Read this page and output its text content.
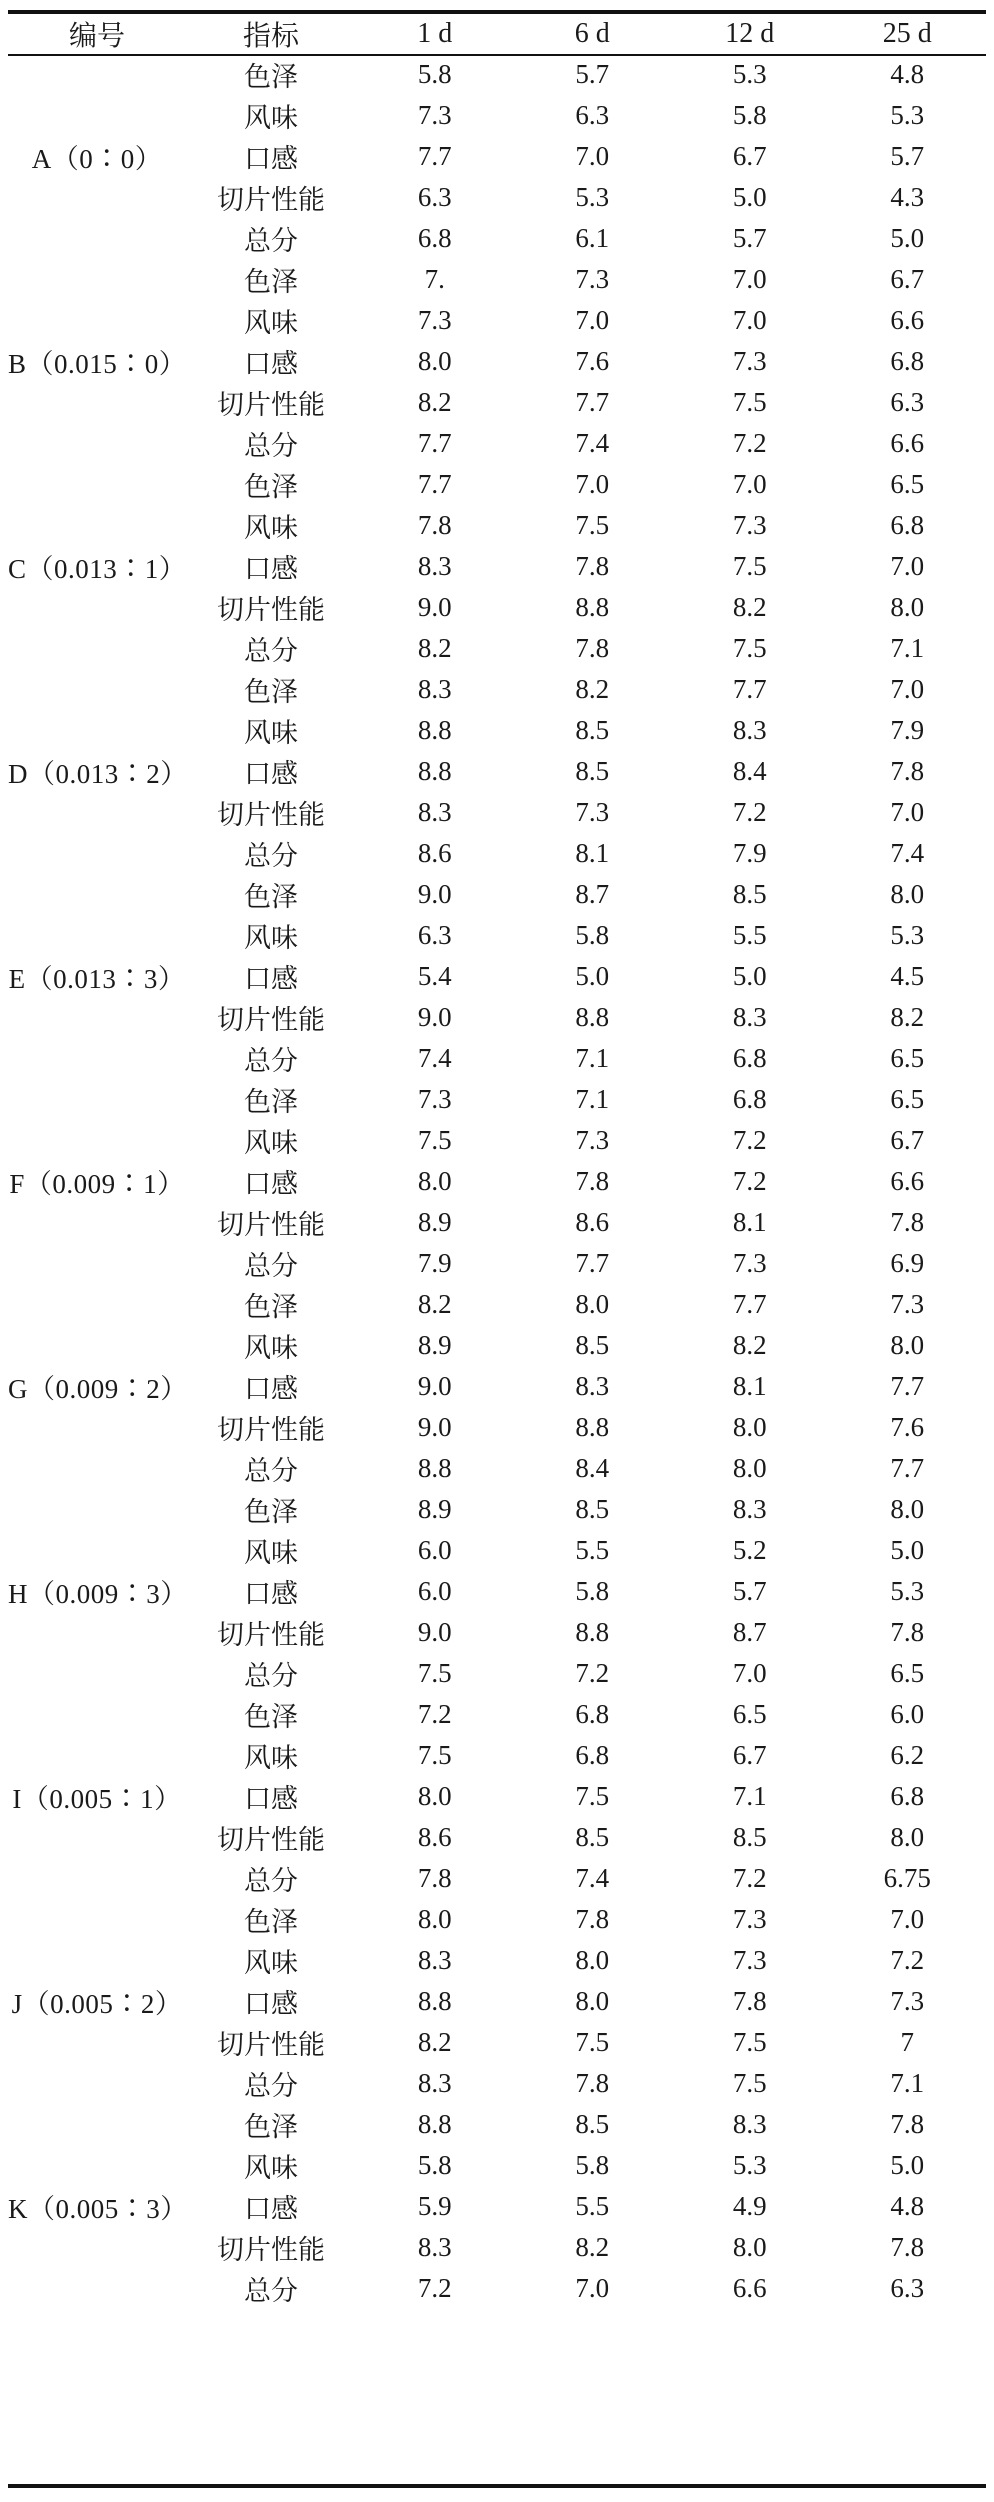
编号	指标	1 d	6 d	12 d	25 d
A（0∶0）	色泽	5.8	5.7	5.3	4.8
	风味	7.3	6.3	5.8	5.3
	口感	7.7	7.0	6.7	5.7
	切片性能	6.3	5.3	5.0	4.3
	总分	6.8	6.1	5.7	5.0
B（0.015∶0）	色泽	7.	7.3	7.0	6.7
	风味	7.3	7.0	7.0	6.6
	口感	8.0	7.6	7.3	6.8
	切片性能	8.2	7.7	7.5	6.3
	总分	7.7	7.4	7.2	6.6
C（0.013∶1）	色泽	7.7	7.0	7.0	6.5
	风味	7.8	7.5	7.3	6.8
	口感	8.3	7.8	7.5	7.0
	切片性能	9.0	8.8	8.2	8.0
	总分	8.2	7.8	7.5	7.1
D（0.013∶2）	色泽	8.3	8.2	7.7	7.0
	风味	8.8	8.5	8.3	7.9
	口感	8.8	8.5	8.4	7.8
	切片性能	8.3	7.3	7.2	7.0
	总分	8.6	8.1	7.9	7.4
E（0.013∶3）	色泽	9.0	8.7	8.5	8.0
	风味	6.3	5.8	5.5	5.3
	口感	5.4	5.0	5.0	4.5
	切片性能	9.0	8.8	8.3	8.2
	总分	7.4	7.1	6.8	6.5
F（0.009∶1）	色泽	7.3	7.1	6.8	6.5
	风味	7.5	7.3	7.2	6.7
	口感	8.0	7.8	7.2	6.6
	切片性能	8.9	8.6	8.1	7.8
	总分	7.9	7.7	7.3	6.9
G（0.009∶2）	色泽	8.2	8.0	7.7	7.3
	风味	8.9	8.5	8.2	8.0
	口感	9.0	8.3	8.1	7.7
	切片性能	9.0	8.8	8.0	7.6
	总分	8.8	8.4	8.0	7.7
H（0.009∶3）	色泽	8.9	8.5	8.3	8.0
	风味	6.0	5.5	5.2	5.0
	口感	6.0	5.8	5.7	5.3
	切片性能	9.0	8.8	8.7	7.8
	总分	7.5	7.2	7.0	6.5
I（0.005∶1）	色泽	7.2	6.8	6.5	6.0
	风味	7.5	6.8	6.7	6.2
	口感	8.0	7.5	7.1	6.8
	切片性能	8.6	8.5	8.5	8.0
	总分	7.8	7.4	7.2	6.75
J（0.005∶2）	色泽	8.0	7.8	7.3	7.0
	风味	8.3	8.0	7.3	7.2
	口感	8.8	8.0	7.8	7.3
	切片性能	8.2	7.5	7.5	7
	总分	8.3	7.8	7.5	7.1
K（0.005∶3）	色泽	8.8	8.5	8.3	7.8
	风味	5.8	5.8	5.3	5.0
	口感	5.9	5.5	4.9	4.8
	切片性能	8.3	8.2	8.0	7.8
	总分	7.2	7.0	6.6	6.3
